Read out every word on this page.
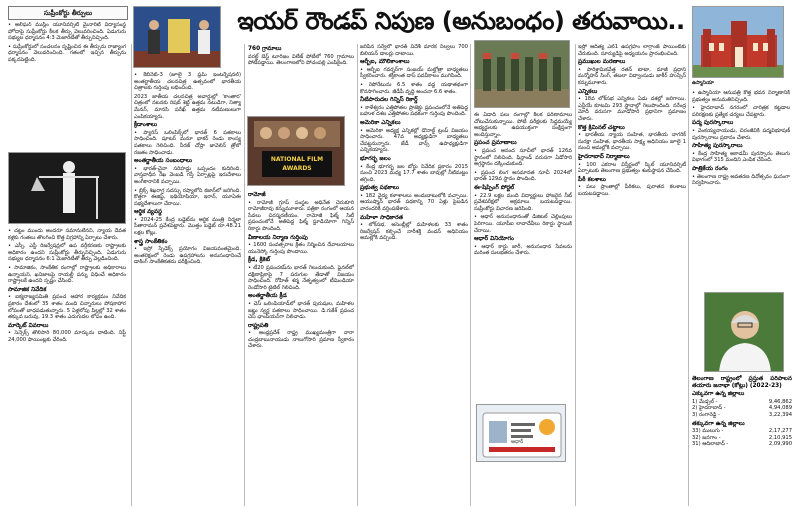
సుప్రీంకోర్టు తీర్పులు	ఇయర్ రౌండప్ నిపుణ (అనుబంధం) తరువాయి..
NATIONAL FILM AWARDS
ఆధార్
ఉస్మానియా

• అలీఘర్ ముస్లిం యూనివర్సిటీ మైనారిటీ విద్యాసంస్థ హోదాపై సుప్రీంకోర్టు కీలక తీర్పు వెలువరించింది. ఏడుగురు సభ్యుల ధర్మాసనం 4:3 మెజారిటీతో తీర్పునిచ్చింది.

• సుప్రీంకోర్టులో సంచలనం సృష్టించిన ఈ తీర్పును రాజ్యాంగ ధర్మాసనం వెలువరించింది. గతంలో ఇచ్చిన తీర్పును పక్కనపెట్టింది.

• చట్టం ముందు అందరూ సమానులేనని, న్యాయ దేవత కళ్లకు గంతలు తొలగించి కొత్త విగ్రహాన్ని ఏర్పాటు చేశారు.

• ఎస్సీ, ఎస్టీ రిజర్వేషన్లలో ఉప వర్గీకరణకు రాష్ట్రాలకు అధికారం ఉందని సుప్రీంకోర్టు తీర్పునిచ్చింది. ఏడుగురు సభ్యుల ధర్మాసనం 6:1 మెజారిటీతో తీర్పు వెల్లడించింది.

• సామాజికం, సాంకేతిక రంగాల్లో రాష్ట్రాలకు అధికారాలు ఉన్నాయని, ఖనిజాలపై రాయల్టీ పన్ను విధించే అధికారం రాష్ట్రాలకే ఉందని స్పష్టం చేసింది.

సామాజిక నివేదిక

• ఐక్యరాజ్యసమితి ప్రపంచ ఆహార కార్యక్రమం నివేదిక ప్రకారం దేశంలో 35 శాతం మంది చిన్నారులు పోషకాహార లోపంతో బాధపడుతున్నారు. 5 ఏళ్లలోపు పిల్లల్లో 32 శాతం తక్కువ బరువు, 19.3 శాతం ఎదుగుదల లోపం ఉంది.

మార్కెట్ వివరాలు

• సెన్సెక్స్ తొలిసారి 80,000 మార్కును దాటింది. నిఫ్టీ 24,000 పాయింట్లకు చేరింది.

• కేబినెట్-3 (జూలై 3 ఫ్రమ్ ఇంటర్నేషనల్) అంతర్జాతీయ చలనచిత్ర ఉత్సవంలో భారతీయ చిత్రాలకు గుర్తింపు లభించింది.

2023 జాతీయ చలనచిత్ర అవార్డుల్లో 'కాంతార' చిత్రంలో నటనకు రిషబ్ శెట్టి ఉత్తమ నటుడిగా, నిత్యా మేనన్, మానసి పరేఖ్ ఉత్తమ నటీమణులుగా ఎంపికయ్యారు.

క్రీడాంశాలు

• ప్యారిస్ ఒలింపిక్స్‌లో భారత్ 6 పతకాలు సాధించింది. షూటర్ మనూ భాకర్ రెండు కాంస్య పతకాలు గెలిచింది. నీరజ్ చోప్రా జావెలిన్ త్రోలో రజతం సాధించాడు.

అంతర్జాతీయ సంబంధాలు

• భారత్-చైనా సరిహద్దు ఒప్పందం కుదిరింది. వాస్తవాధీన రేఖ వెంబడి గస్తీ ఏర్పాట్లపై ఇరుదేశాలు అంగీకారానికి వచ్చాయి.

• బ్రిక్స్ శిఖరాగ్ర సదస్సు రష్యాలోని కజాన్‌లో జరిగింది. కొత్తగా ఈజిప్ట్, ఇథియోపియా, ఇరాన్, యూఏఈ సభ్యదేశాలుగా చేరాయి.

ఆర్థిక వ్యవస్థ

• 2024-25 కేంద్ర బడ్జెట్‌ను ఆర్థిక మంత్రి నిర్మలా సీతారామన్ ప్రవేశపెట్టారు. మొత్తం బడ్జెట్ రూ.48.21 లక్షల కోట్లు.

శాస్త్ర సాంకేతికం

• ఇస్రో స్పేడెక్స్ ప్రయోగం విజయవంతమైంది. అంతరిక్షంలో రెండు ఉపగ్రహాలను అనుసంధానించే డాకింగ్ సాంకేతికతను పరీక్షించింది.

760 గ్రామాలు

వరల్డ్ బెస్ట్ టూరిజం విలేజ్ పోటీలో 760 గ్రామాలు పోటీపడ్డాయి. తెలంగాణలోని పోచంపల్లి ఎంపికైంది.

రామోజీ

• రామోజీ గ్రూప్ సంస్థల అధినేత చెరుకూరి రామోజీరావు కన్నుమూశారు. పత్రికా రంగంలో ఆయన సేవలు చిరస్మరణీయం. రామోజీ ఫిల్మ్ సిటీ ప్రపంచంలోనే అతిపెద్ద ఫిల్మ్ స్టూడియోగా గిన్నిస్ రికార్డు పొందింది.

వీణాలయ నిర్మాణ గుర్తింపు

• 1600 సంవత్సరాల క్రితం నిర్మించిన దేవాలయాలు యునెస్కో గుర్తింపు పొందాయి.

క్రీడ, క్రికెట్

• టీ20 ప్రపంచకప్‌ను భారత్ గెలుచుకుంది. ఫైనల్‌లో దక్షిణాఫ్రికాపై 7 పరుగుల తేడాతో విజయం సాధించింది. రోహిత్ శర్మ నేతృత్వంలో టీమిండియా రెండోసారి టైటిల్ గెలిచింది.

అంతర్జాతీయ క్రీడ

• చెస్ ఒలింపియాడ్‌లో భారత్ పురుషుల, మహిళల జట్లు స్వర్ణ పతకాలు సాధించాయి. డి.గుకేశ్ ప్రపంచ చెస్ ఛాంపియన్‌గా నిలిచాడు.

రాష్ట్రపతి

• ఆంధ్రప్రదేశ్ రాష్ట్ర ముఖ్యమంత్రిగా నారా చంద్రబాబునాయుడు నాలుగోసారి ప్రమాణ స్వీకారం చేశారు.

జరిపిన సర్వేలో భారత్ విదేశీ మారక నిల్వలు 700 బిలియన్ డాలర్లు దాటాయి.

ఆర్బీఐ, మౌలికాంశాలు

• ఆర్బీఐ గవర్నర్‌గా సంజయ్ మల్హోత్రా బాధ్యతలు స్వీకరించారు. శక్తికాంత దాస్ పదవీకాలం ముగిసింది.

• రెపోరేటును 6.5 శాతం వద్ద యథాతథంగా కొనసాగించారు. జీడీపీ వృద్ధి అంచనా 6.6 శాతం.

నీటిపారుదల గిన్నిస్ రికార్డ్

• కాళేశ్వరం ఎత్తిపోతల ప్రాజెక్టు ప్రపంచంలోనే అతిపెద్ద బహుళ దశల ఎత్తిపోతల పథకంగా గుర్తింపు పొందింది.

అమెరికా ఎన్నికలు

• అమెరికా అధ్యక్ష ఎన్నికల్లో డొనాల్డ్ ట్రంప్ విజయం సాధించారు. 47వ అధ్యక్షుడిగా బాధ్యతలు చేపట్టనున్నారు. జేడీ వాన్స్ ఉపాధ్యక్షుడిగా ఎన్నికయ్యారు.

భూగర్భ జలం

• కేంద్ర భూగర్భ జల బోర్డు నివేదిక ప్రకారం 2015 నుంచి 2023 మధ్య 17.7 శాతం బావుల్లో నీటిమట్టం తగ్గింది.

ప్రభుత్వ పథకాలు

• 182 వైద్య కళాశాలలు అందుబాటులోకి వచ్చాయి. ఆయుష్మాన్ భారత్ పథకాన్ని 70 ఏళ్లు పైబడిన వారందరికీ వర్తింపజేశారు.

మహిళా సాధికారత

• లోక్‌సభ, అసెంబ్లీల్లో మహిళలకు 33 శాతం రిజర్వేషన్ కల్పించే నారీశక్తి వందన్ అధినియం అమల్లోకి వచ్చింది.

ఈ ఏడాది పలు రంగాల్లో కీలక పరిణామాలు చోటుచేసుకున్నాయి. పోటీ పరీక్షలకు సిద్ధమయ్యే అభ్యర్థులకు ఉపయుక్తంగా సంక్షిప్తంగా అందిస్తున్నాం.

ప్రపంచ ప్రమాణాలు

• ప్రపంచ ఆనంద సూచీలో భారత్ 126వ స్థానంలో నిలిచింది. ఫిన్లాండ్ వరుసగా ఏడోసారి అగ్రస్థానం దక్కించుకుంది.

• ప్రపంచ లింగ అసమానత సూచీ 2024లో భారత్ 129వ స్థానం పొందింది.

ఈ-షిప్పింగ్ పోర్టల్

• 22.9 లక్షల మంది విద్యార్థులు హాజరైన నీట్ ప్రవేశపరీక్షలో అక్రమాలు బయటపడ్డాయి. సుప్రీంకోర్టు విచారణ జరిపింది.

• ఆధార్ అనుసంధానంతో డిజిటల్ చెల్లింపులు పెరిగాయి. యూపీఐ లావాదేవీలు రికార్డు స్థాయికి చేరాయి.

ఆధార్ వినియోగం

• ఆధార్ కార్డు జారీ, అనుసంధాన సేవలను మరింత సులభతరం చేశారు.

ఇస్రో ఆదిత్య ఎల్1 ఉపగ్రహం లాగ్రాంజ్ పాయింట్‌కు చేరుకుంది. సూర్యుడిపై అధ్యయనం ప్రారంభించింది.

ప్రముఖుల మరణాలు

• పారిశ్రామికవేత్త రతన్ టాటా, మాజీ ప్రధాని మన్మోహన్ సింగ్, తబలా విద్వాంసుడు జాకీర్ హుస్సేన్ కన్నుమూశారు.

ఎన్నికలు

• 18వ లోక్‌సభ ఎన్నికలు ఏడు దశల్లో జరిగాయి. ఎన్డీయే కూటమి 293 స్థానాల్లో గెలుపొందింది. నరేంద్ర మోదీ వరుసగా మూడోసారి ప్రధానిగా ప్రమాణం చేశారు.

కొత్త క్రిమినల్ చట్టాలు

• భారతీయ న్యాయ సంహిత, భారతీయ నాగరిక్ సురక్షా సంహిత, భారతీయ సాక్ష్య అధినియం జూలై 1 నుంచి అమల్లోకి వచ్చాయి.

హైదరాబాద్ నిర్మాణాలు

• 100 ఎకరాల విస్తీర్ణంలో స్కిల్ యూనివర్సిటీ ఏర్పాటుకు తెలంగాణ ప్రభుత్వం శంకుస్థాపన చేసింది.

పీఠీ కలశాలు

• పలు ప్రాంతాల్లో పీఠికలు, పురాతన కలశాలు బయటపడ్డాయి.

• ఉస్మానియా ఆసుపత్రి కొత్త భవన నిర్మాణానికి ప్రభుత్వం అనుమతినిచ్చింది.

• హైదరాబాద్ నగరంలో చారిత్రక కట్టడాల పరిరక్షణకు ప్రత్యేక చర్యలు చేపట్టారు.

పద్మ పురస్కారాలు

• వెంకయ్యనాయుడు, చిరంజీవికి పద్మవిభూషణ్ పురస్కారాలు ప్రదానం చేశారు.

సాహిత్య పురస్కారాలు

• కేంద్ర సాహిత్య అకాడమీ పురస్కారం తెలుగు విభాగంలో 315 మందిని ఎంపిక చేసింది.

పాత్రికేయ రంగం

• తెలంగాణ రాష్ట్ర అవతరణ దినోత్సవం ఘనంగా నిర్వహించారు.

తెలంగాణ రాష్ట్రంలో ప్రస్తుత పరిపాలన తయారు జనాభా (కోట్లు) (2022-23)

ఎక్కువగా ఉన్న జిల్లాలు

1) మేడ్చల్ -	9,46,862
2) హైదరాబాద్ -	4,94,089
3) రంగారెడ్డి -	3,22,394

తక్కువగా ఉన్న జిల్లాలు

33) ములుగు -	2,17,277
32) జనగాం -	2,10,915
31) ఆదిలాబాద్ -	2,09,990
